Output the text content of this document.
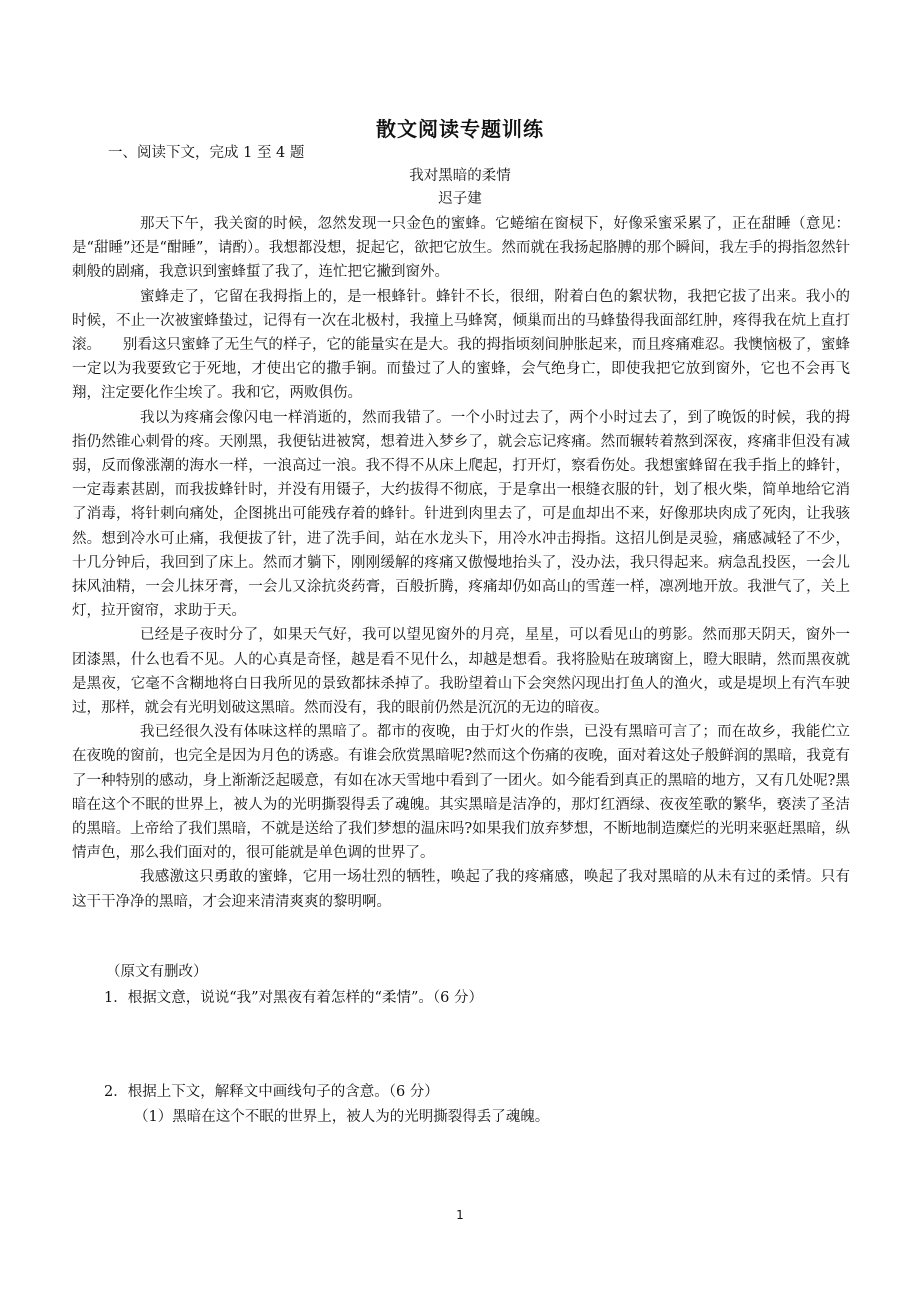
散文阅读专题训练
一、阅读下文，完成 1 至 4 题
我对黑暗的柔情
迟子建

那天下午，我关窗的时候，忽然发现一只金色的蜜蜂。它蜷缩在窗棂下，好像采蜜采累了，正在甜睡（意见：是“甜睡”还是“酣睡”，请酌）。我想都没想，捉起它，欲把它放生。然而就在我扬起胳膊的那个瞬间，我左手的拇指忽然针刺般的剧痛，我意识到蜜蜂蜇了我了，连忙把它撇到窗外。

蜜蜂走了，它留在我拇指上的，是一根蜂针。蜂针不长，很细，附着白色的絮状物，我把它拔了出来。我小的时候，不止一次被蜜蜂蛰过，记得有一次在北极村，我撞上马蜂窝，倾巢而出的马蜂蛰得我面部红肿，疼得我在炕上直打滚。　　别看这只蜜蜂了无生气的样子，它的能量实在是大。我的拇指顷刻间肿胀起来，而且疼痛难忍。我懊恼极了，蜜蜂一定以为我要致它于死地，才使出它的撒手锏。而蛰过了人的蜜蜂，会气绝身亡，即使我把它放到窗外，它也不会再飞翔，注定要化作尘埃了。我和它，两败俱伤。

我以为疼痛会像闪电一样消逝的，然而我错了。一个小时过去了，两个小时过去了，到了晚饭的时候，我的拇指仍然锥心刺骨的疼。天刚黑，我便钻进被窝，想着进入梦乡了，就会忘记疼痛。然而辗转着熬到深夜，疼痛非但没有减弱，反而像涨潮的海水一样，一浪高过一浪。我不得不从床上爬起，打开灯，察看伤处。我想蜜蜂留在我手指上的蜂针，一定毒素甚剧，而我拔蜂针时，并没有用镊子，大约拔得不彻底，于是拿出一根缝衣服的针，划了根火柴，简单地给它消了消毒，将针刺向痛处，企图挑出可能残存着的蜂针。针进到肉里去了，可是血却出不来，好像那块肉成了死肉，让我骇然。想到冷水可止痛，我便拔了针，进了洗手间，站在水龙头下，用冷水冲击拇指。这招儿倒是灵验，痛感减轻了不少，十几分钟后，我回到了床上。然而才躺下，刚刚缓解的疼痛又傲慢地抬头了，没办法，我只得起来。病急乱投医，一会儿抹风油精，一会儿抹牙膏，一会儿又涂抗炎药膏，百般折腾，疼痛却仍如高山的雪莲一样，凛冽地开放。我泄气了，关上灯，拉开窗帘，求助于天。

已经是子夜时分了，如果天气好，我可以望见窗外的月亮，星星，可以看见山的剪影。然而那天阴天，窗外一团漆黑，什么也看不见。人的心真是奇怪，越是看不见什么，却越是想看。我将脸贴在玻璃窗上，瞪大眼睛，然而黑夜就是黑夜，它毫不含糊地将白日我所见的景致都抹杀掉了。我盼望着山下会突然闪现出打鱼人的渔火，或是堤坝上有汽车驶过，那样，就会有光明划破这黑暗。然而没有，我的眼前仍然是沉沉的无边的暗夜。

我已经很久没有体味这样的黑暗了。都市的夜晚，由于灯火的作祟，已没有黑暗可言了；而在故乡，我能伫立在夜晚的窗前，也完全是因为月色的诱惑。有谁会欣赏黑暗呢?然而这个伤痛的夜晚，面对着这处子般鲜润的黑暗，我竟有了一种特别的感动，身上渐渐泛起暖意，有如在冰天雪地中看到了一团火。如今能看到真正的黑暗的地方，又有几处呢?黑暗在这个不眠的世界上，被人为的光明撕裂得丢了魂魄。其实黑暗是洁净的，那灯红酒绿、夜夜笙歌的繁华，亵渎了圣洁的黑暗。上帝给了我们黑暗，不就是送给了我们梦想的温床吗?如果我们放弃梦想，不断地制造糜烂的光明来驱赶黑暗，纵情声色，那么我们面对的，很可能就是单色调的世界了。

我感激这只勇敢的蜜蜂，它用一场壮烈的牺牲，唤起了我的疼痛感，唤起了我对黑暗的从未有过的柔情。只有这干干净净的黑暗，才会迎来清清爽爽的黎明啊。

（原文有删改）
1．根据文意，说说“我”对黑夜有着怎样的“柔情”。（6 分）
2．根据上下文，解释文中画线句子的含意。（6 分）
（1）黑暗在这个不眠的世界上，被人为的光明撕裂得丢了魂魄。
1
